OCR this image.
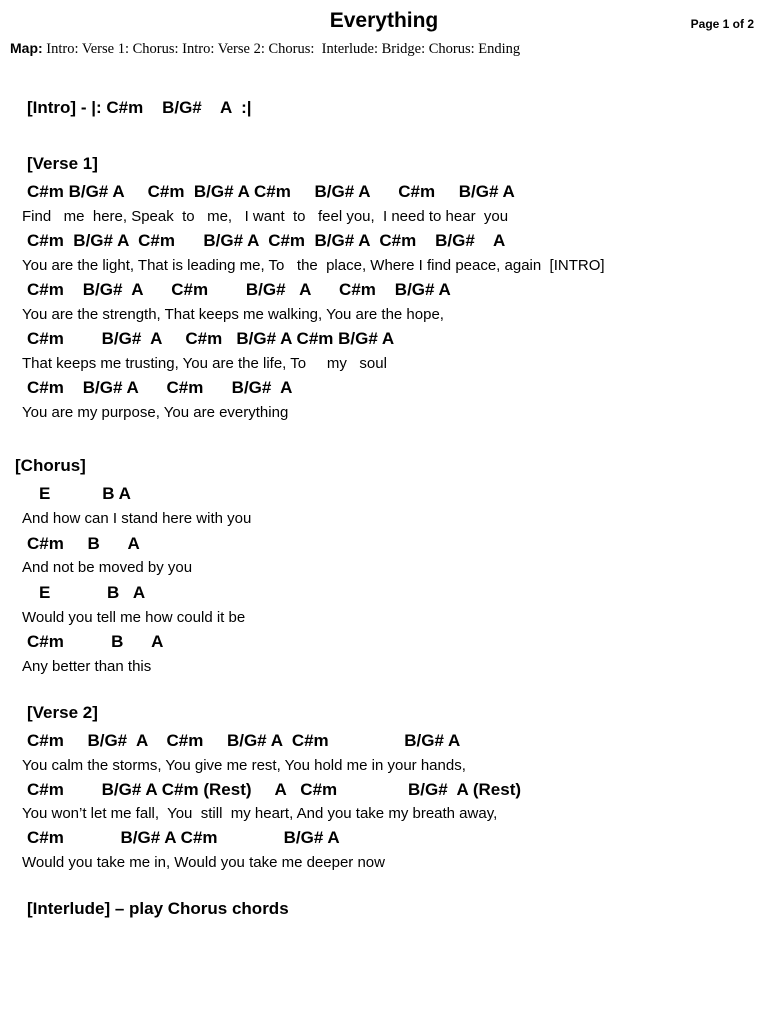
Everything	Page 1 of 2
Map: Intro: Verse 1: Chorus: Intro: Verse 2: Chorus:  Interlude: Bridge: Chorus: Ending
[Intro] - |: C#m    B/G#    A  :|
[Verse 1]
C#m B/G# A     C#m  B/G# A C#m     B/G# A      C#m     B/G# A
Find   me  here, Speak  to   me,   I want  to   feel you,  I need to hear  you
C#m  B/G# A  C#m      B/G# A  C#m  B/G# A  C#m    B/G#    A
You are the light, That is leading me, To   the  place, Where I find peace, again  [INTRO]
C#m    B/G#  A      C#m        B/G#   A      C#m    B/G# A
You are the strength, That keeps me walking, You are the hope,
C#m        B/G#  A     C#m   B/G# A C#m B/G# A
That keeps me trusting, You are the life, To     my   soul
C#m    B/G# A      C#m      B/G#  A
You are my purpose, You are everything
[Chorus]
E           B A
And how can I stand here with you
C#m     B      A
And not be moved by you
E            B   A
Would you tell me how could it be
C#m          B      A
Any better than this
[Verse 2]
C#m     B/G#  A    C#m     B/G# A  C#m                B/G# A
You calm the storms, You give me rest, You hold me in your hands,
C#m        B/G# A C#m (Rest)     A   C#m               B/G#  A (Rest)
You won’t let me fall,  You  still  my heart, And you take my breath away,
C#m            B/G# A C#m              B/G# A
Would you take me in, Would you take me deeper now
[Interlude] – play Chorus chords
